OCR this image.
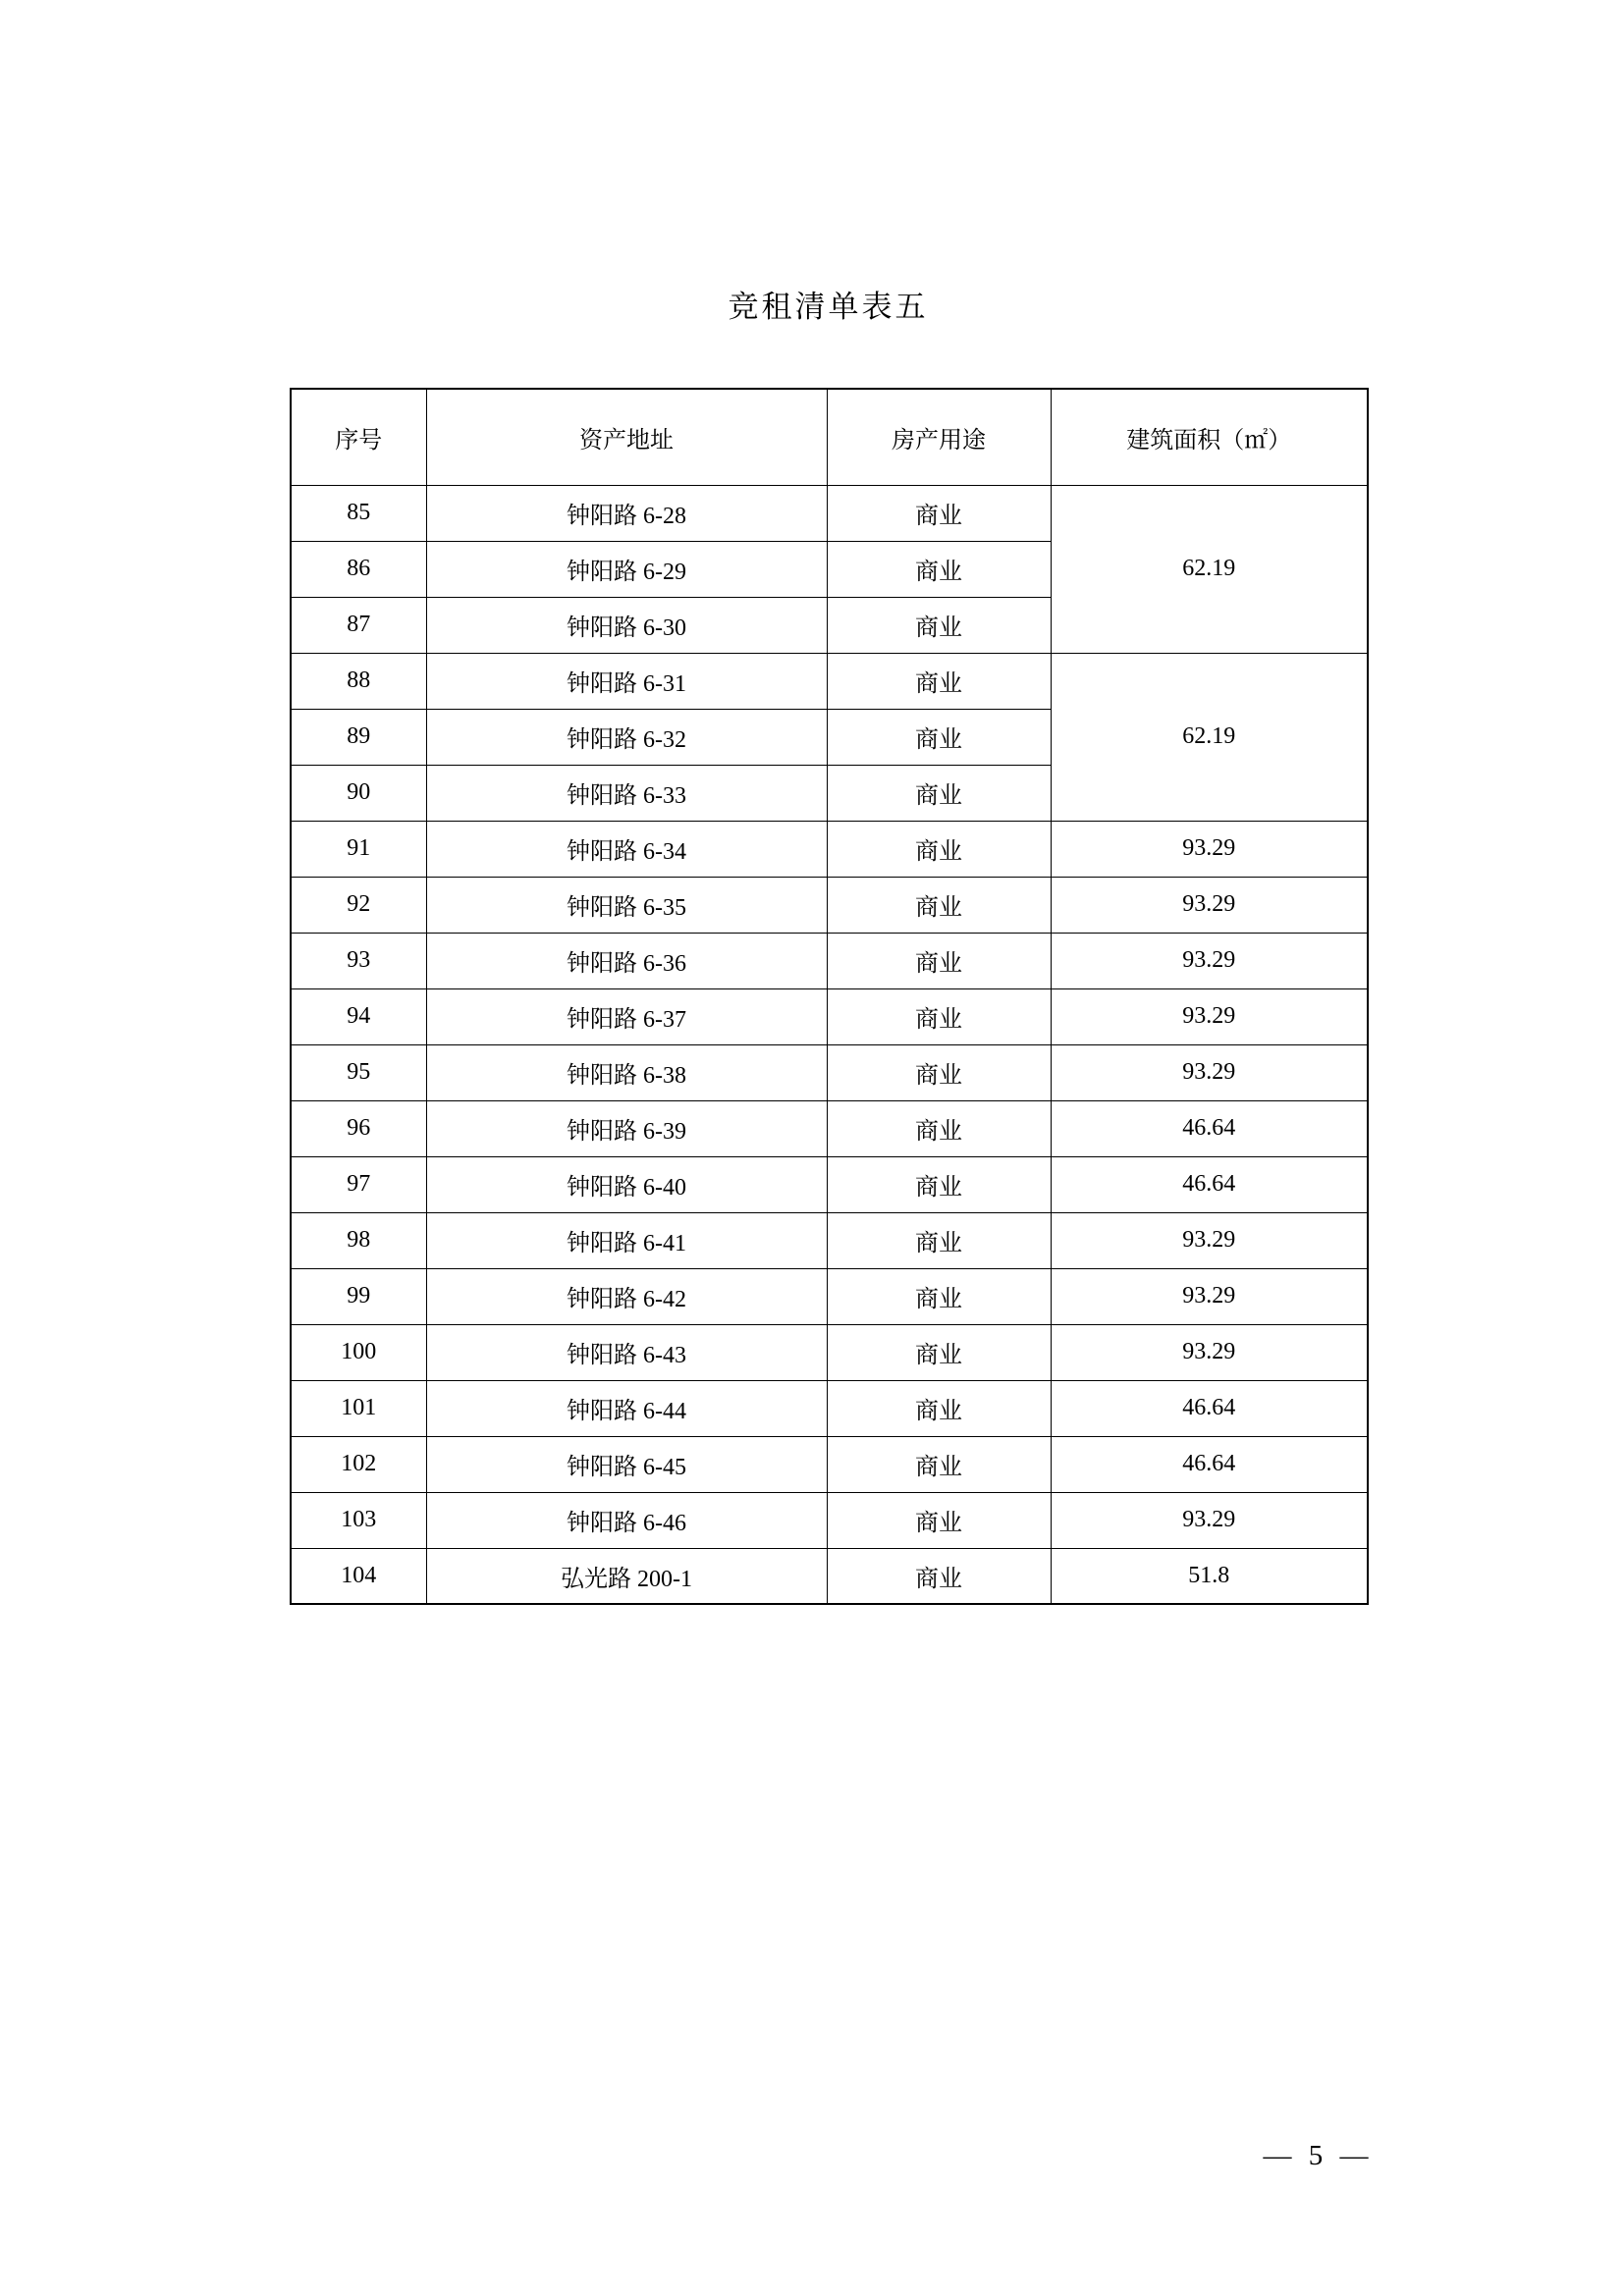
竞租清单表五
序号	资产地址	房产用途	建筑面积（㎡）
85	钟阳路 6-28	商业	62.19
86	钟阳路 6-29	商业	
87	钟阳路 6-30	商业	
88	钟阳路 6-31	商业	62.19
89	钟阳路 6-32	商业	
90	钟阳路 6-33	商业	
91	钟阳路 6-34	商业	93.29
92	钟阳路 6-35	商业	93.29
93	钟阳路 6-36	商业	93.29
94	钟阳路 6-37	商业	93.29
95	钟阳路 6-38	商业	93.29
96	钟阳路 6-39	商业	46.64
97	钟阳路 6-40	商业	46.64
98	钟阳路 6-41	商业	93.29
99	钟阳路 6-42	商业	93.29
100	钟阳路 6-43	商业	93.29
101	钟阳路 6-44	商业	46.64
102	钟阳路 6-45	商业	46.64
103	钟阳路 6-46	商业	93.29
104	弘光路 200-1	商业	51.8
— 5 —
